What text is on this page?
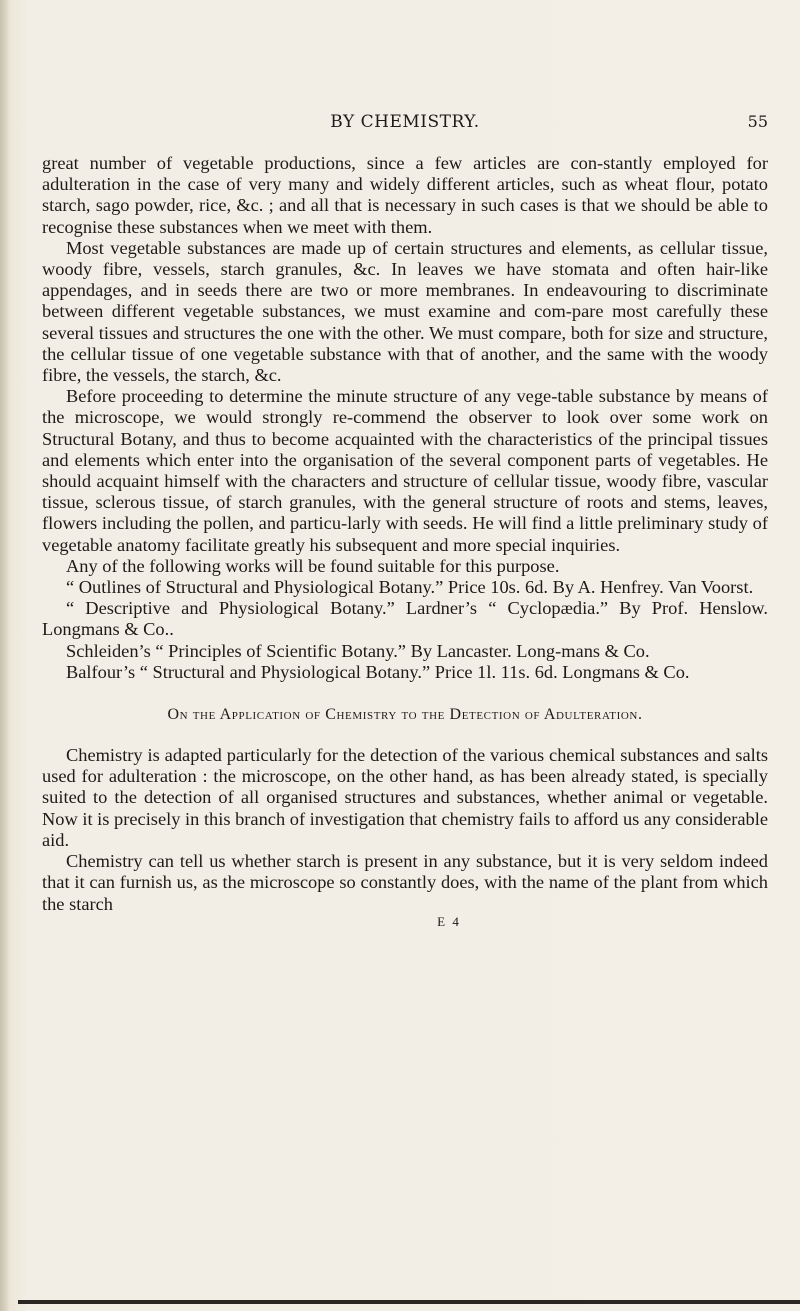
BY CHEMISTRY.	55

great number of vegetable productions, since a few articles are con-stantly employed for adulteration in the case of very many and widely different articles, such as wheat flour, potato starch, sago powder, rice, &c. ; and all that is necessary in such cases is that we should be able to recognise these substances when we meet with them.

Most vegetable substances are made up of certain structures and elements, as cellular tissue, woody fibre, vessels, starch granules, &c. In leaves we have stomata and often hair-like appendages, and in seeds there are two or more membranes. In endeavouring to discriminate between different vegetable substances, we must examine and com-pare most carefully these several tissues and structures the one with the other. We must compare, both for size and structure, the cellular tissue of one vegetable substance with that of another, and the same with the woody fibre, the vessels, the starch, &c.

Before proceeding to determine the minute structure of any vege-table substance by means of the microscope, we would strongly re-commend the observer to look over some work on Structural Botany, and thus to become acquainted with the characteristics of the principal tissues and elements which enter into the organisation of the several component parts of vegetables. He should acquaint himself with the characters and structure of cellular tissue, woody fibre, vascular tissue, sclerous tissue, of starch granules, with the general structure of roots and stems, leaves, flowers including the pollen, and particu-larly with seeds. He will find a little preliminary study of vegetable anatomy facilitate greatly his subsequent and more special inquiries.

Any of the following works will be found suitable for this purpose.

“ Outlines of Structural and Physiological Botany.” Price 10s. 6d. By A. Henfrey. Van Voorst.

“ Descriptive and Physiological Botany.” Lardner’s “ Cyclopædia.” By Prof. Henslow. Longmans & Co..

Schleiden’s “ Principles of Scientific Botany.” By Lancaster. Long-mans & Co.

Balfour’s “ Structural and Physiological Botany.” Price 1l. 11s. 6d. Longmans & Co.

On the Application of Chemistry to the Detection of Adulteration.

Chemistry is adapted particularly for the detection of the various chemical substances and salts used for adulteration : the microscope, on the other hand, as has been already stated, is specially suited to the detection of all organised structures and substances, whether animal or vegetable. Now it is precisely in this branch of investigation that chemistry fails to afford us any considerable aid.

Chemistry can tell us whether starch is present in any substance, but it is very seldom indeed that it can furnish us, as the microscope so constantly does, with the name of the plant from which the starch

E 4
